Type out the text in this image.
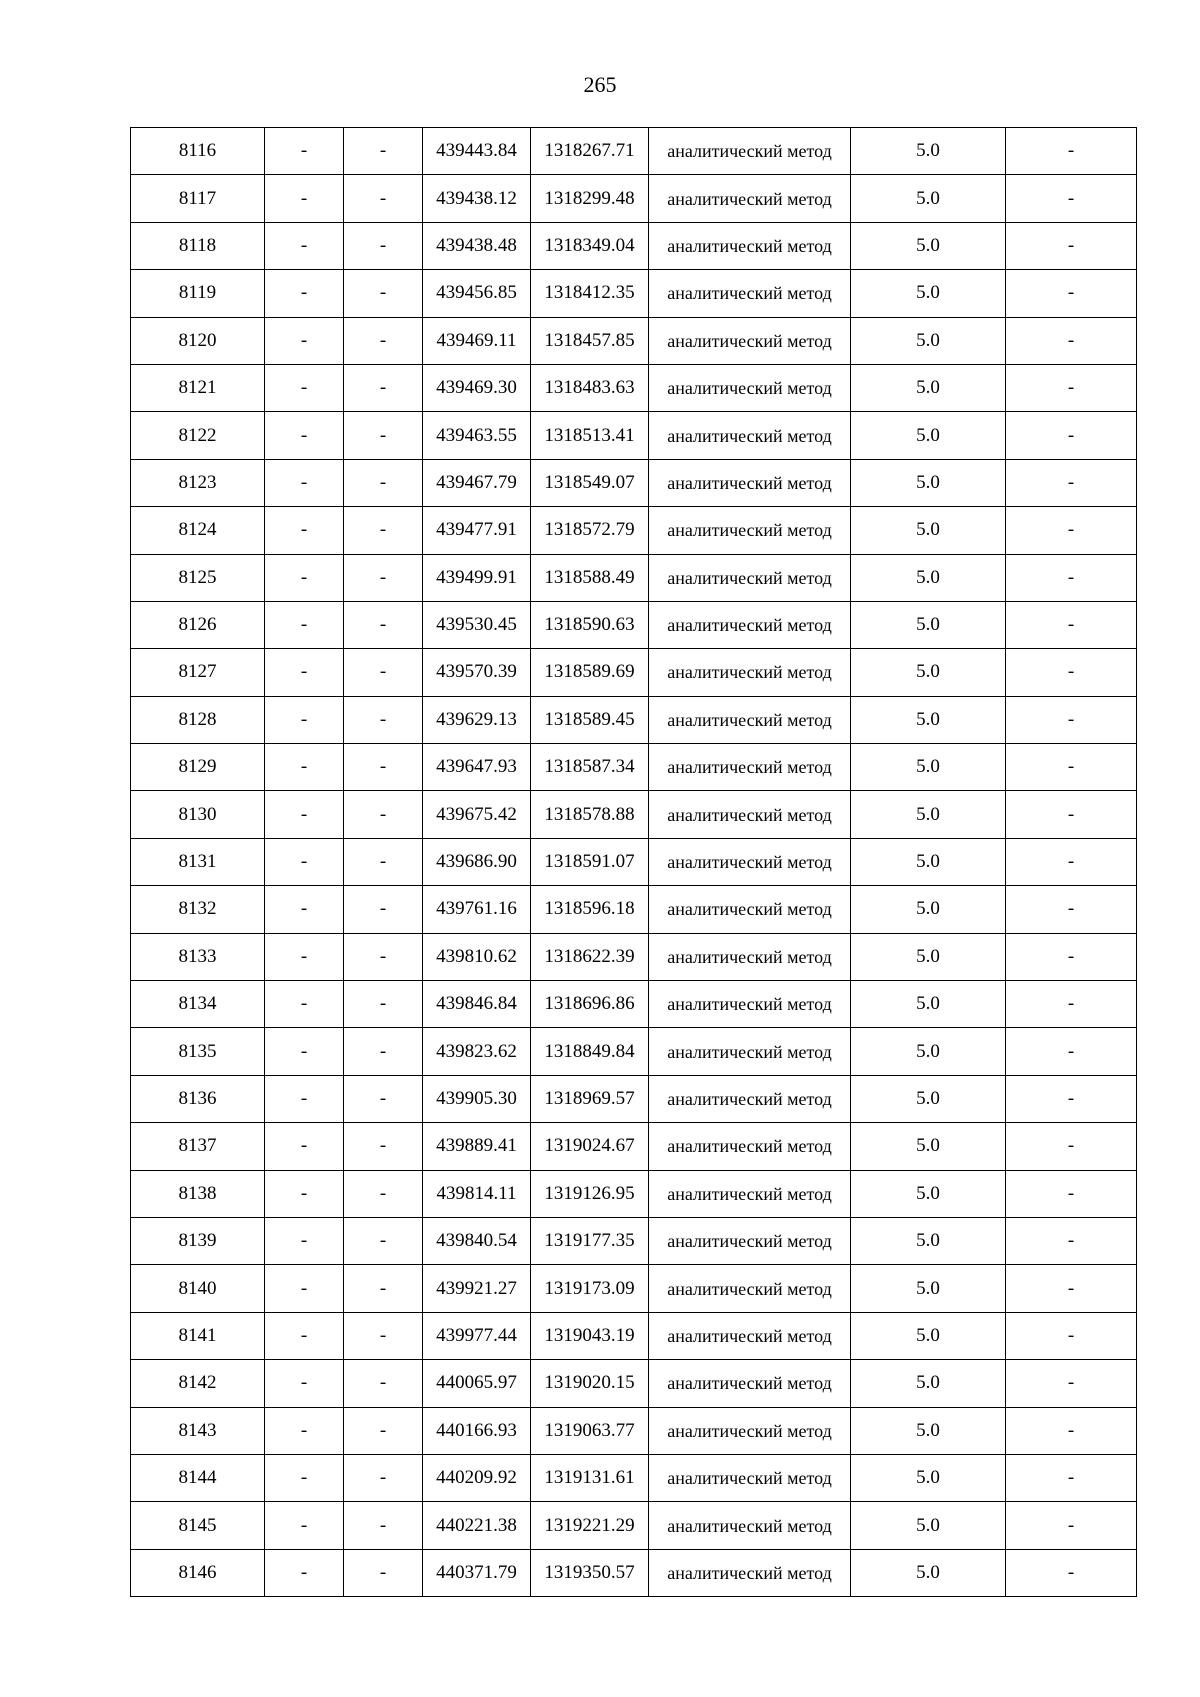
265
8116	-	-	439443.84	1318267.71	аналитический метод	5.0	-
8117	-	-	439438.12	1318299.48	аналитический метод	5.0	-
8118	-	-	439438.48	1318349.04	аналитический метод	5.0	-
8119	-	-	439456.85	1318412.35	аналитический метод	5.0	-
8120	-	-	439469.11	1318457.85	аналитический метод	5.0	-
8121	-	-	439469.30	1318483.63	аналитический метод	5.0	-
8122	-	-	439463.55	1318513.41	аналитический метод	5.0	-
8123	-	-	439467.79	1318549.07	аналитический метод	5.0	-
8124	-	-	439477.91	1318572.79	аналитический метод	5.0	-
8125	-	-	439499.91	1318588.49	аналитический метод	5.0	-
8126	-	-	439530.45	1318590.63	аналитический метод	5.0	-
8127	-	-	439570.39	1318589.69	аналитический метод	5.0	-
8128	-	-	439629.13	1318589.45	аналитический метод	5.0	-
8129	-	-	439647.93	1318587.34	аналитический метод	5.0	-
8130	-	-	439675.42	1318578.88	аналитический метод	5.0	-
8131	-	-	439686.90	1318591.07	аналитический метод	5.0	-
8132	-	-	439761.16	1318596.18	аналитический метод	5.0	-
8133	-	-	439810.62	1318622.39	аналитический метод	5.0	-
8134	-	-	439846.84	1318696.86	аналитический метод	5.0	-
8135	-	-	439823.62	1318849.84	аналитический метод	5.0	-
8136	-	-	439905.30	1318969.57	аналитический метод	5.0	-
8137	-	-	439889.41	1319024.67	аналитический метод	5.0	-
8138	-	-	439814.11	1319126.95	аналитический метод	5.0	-
8139	-	-	439840.54	1319177.35	аналитический метод	5.0	-
8140	-	-	439921.27	1319173.09	аналитический метод	5.0	-
8141	-	-	439977.44	1319043.19	аналитический метод	5.0	-
8142	-	-	440065.97	1319020.15	аналитический метод	5.0	-
8143	-	-	440166.93	1319063.77	аналитический метод	5.0	-
8144	-	-	440209.92	1319131.61	аналитический метод	5.0	-
8145	-	-	440221.38	1319221.29	аналитический метод	5.0	-
8146	-	-	440371.79	1319350.57	аналитический метод	5.0	-
